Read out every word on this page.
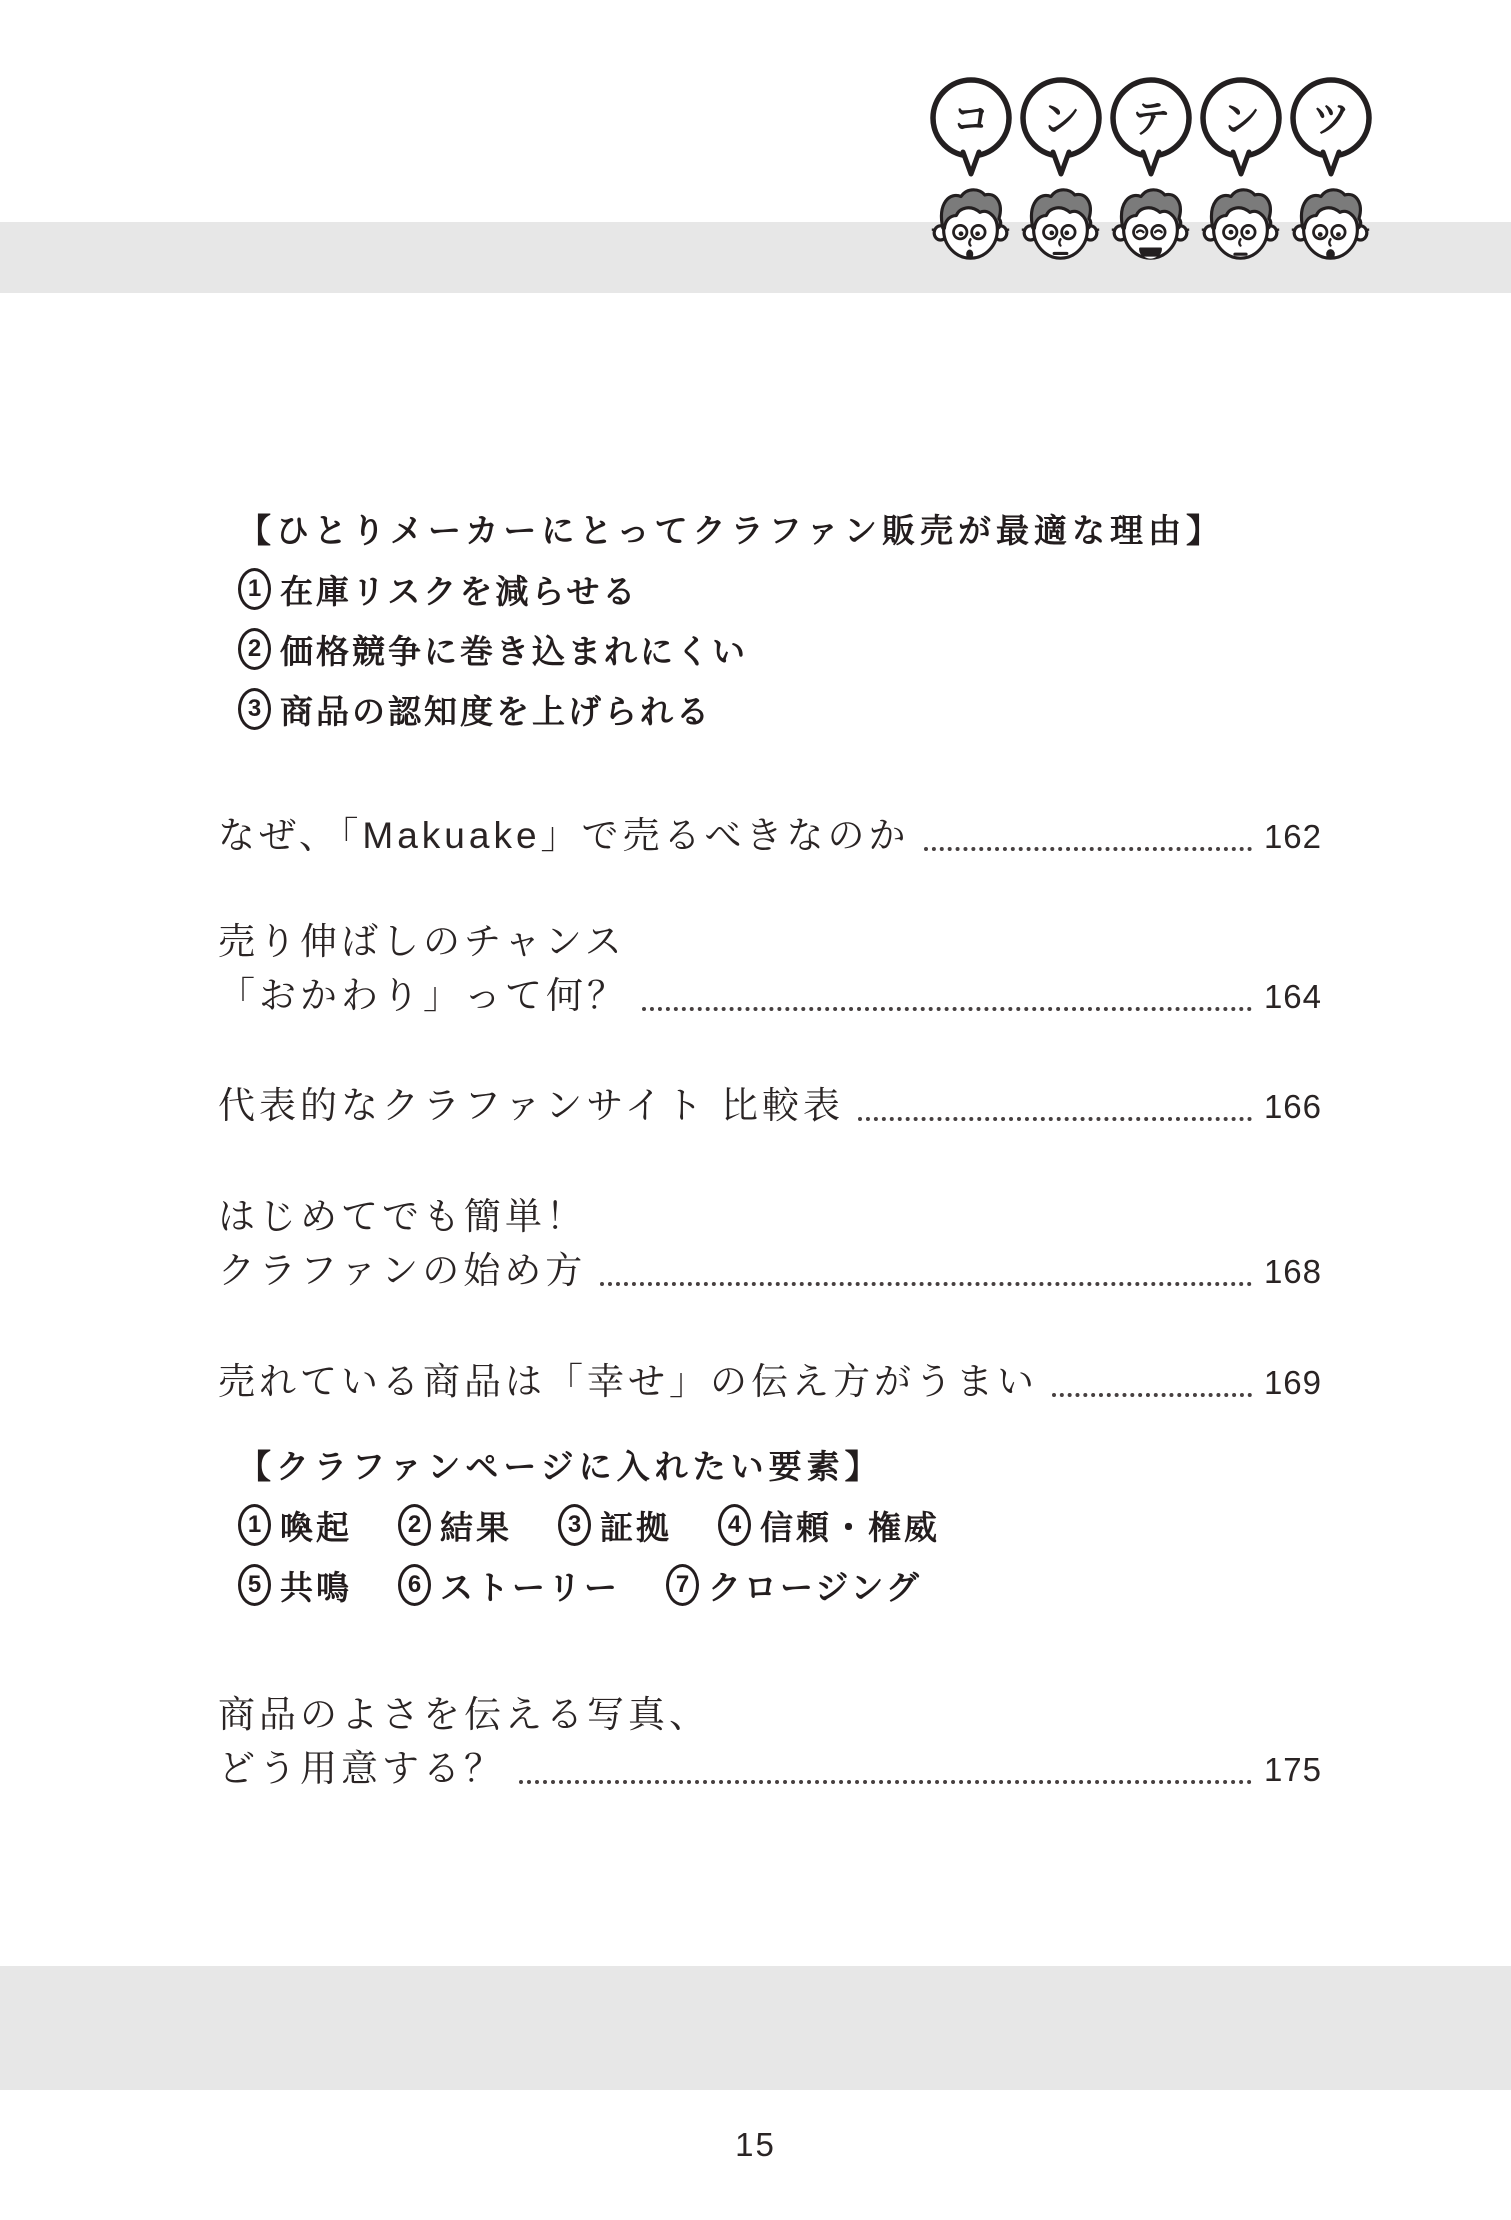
コ ン テ ン ツ
【ひとりメーカーにとってクラファン販売が最適な理由】
1 在庫リスクを減らせる
2 価格競争に巻き込まれにくい
3 商品の認知度を上げられる
なぜ、「Makuake」で売るべきなのか	162
売り伸ばしのチャンス
「おかわり」って何？	164
代表的なクラファンサイト 比較表	166
はじめてでも簡単！
クラファンの始め方	168
売れている商品は「幸せ」の伝え方がうまい	169
【クラファンページに入れたい要素】
1 喚起	2 結果	3 証拠	4 信頼・権威
5 共鳴	6 ストーリー	7 クロージング
商品のよさを伝える写真、
どう用意する？	175
15
